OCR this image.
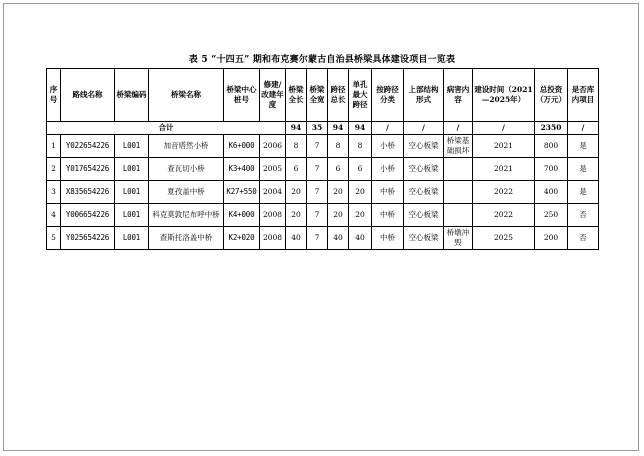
表 5 “十四五” 期和布克赛尔蒙古自治县桥梁具体建设项目一览表
序号	路线名称	桥梁编码	桥梁名称	桥梁中心桩号	修建/改建年度	桥梁全长	桥梁全宽	跨径总长	单孔最大跨径	按跨径分类	上部结构形式	病害内容	建设时间（2021—2025年）	总投资（万元）	是否库内项目
合计						94	35	94	94	/	/	/	/	2350	/
1	Y022654226	L001	加音塔然小桥	K6+000	2006	8	7	8	8	小桥	空心板梁	桥梁基础损坏	2021	800	是
2	Y017654226	L001	查瓦切小桥	K3+400	2005	6	7	6	6	小桥	空心板梁		2021	700	是
3	X835654226	L001	夏孜盖中桥	K27+550	2004	20	7	20	20	中桥	空心板梁		2022	400	是
4	Y006654226	L001	科克莫敦尼布呼中桥	K4+000	2008	20	7	20	20	中桥	空心板梁		2022	250	否
5	Y025654226	L001	查斯托洛盖中桥	K2+020	2008	40	7	40	40	中桥	空心板梁	桥墩冲毁	2025	200	否
